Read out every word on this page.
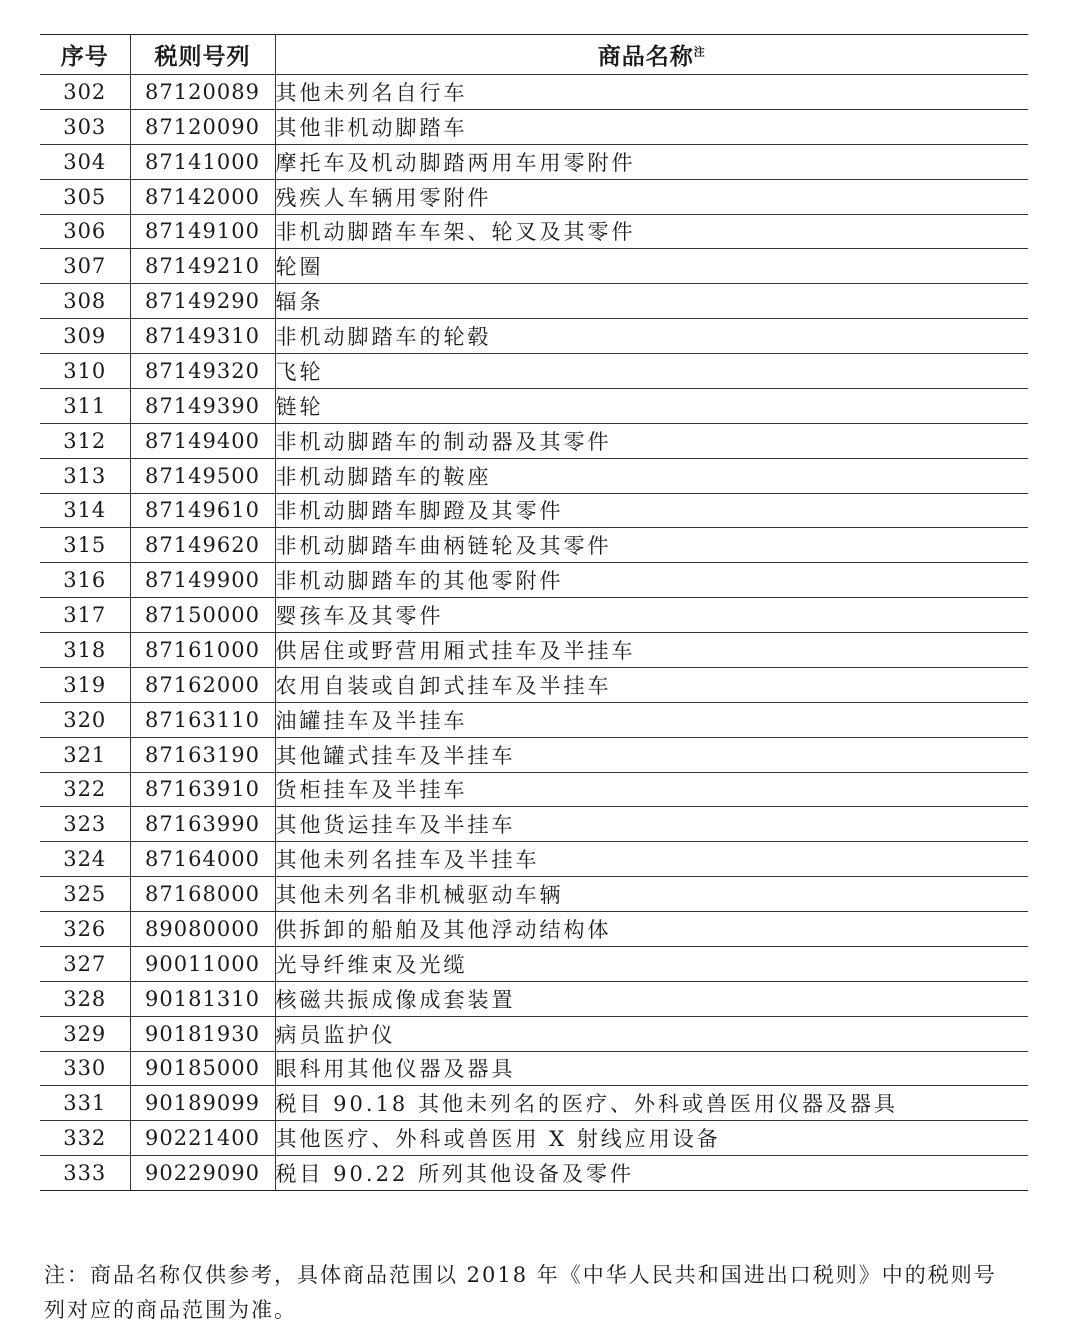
序号	税则号列	商品名称$^注$
302	87120089	其他未列名自行车
303	87120090	其他非机动脚踏车
304	87141000	摩托车及机动脚踏两用车用零附件
305	87142000	残疾人车辆用零附件
306	87149100	非机动脚踏车车架、轮叉及其零件
307	87149210	轮圈
308	87149290	辐条
309	87149310	非机动脚踏车的轮毂
310	87149320	飞轮
311	87149390	链轮
312	87149400	非机动脚踏车的制动器及其零件
313	87149500	非机动脚踏车的鞍座
314	87149610	非机动脚踏车脚蹬及其零件
315	87149620	非机动脚踏车曲柄链轮及其零件
316	87149900	非机动脚踏车的其他零附件
317	87150000	婴孩车及其零件
318	87161000	供居住或野营用厢式挂车及半挂车
319	87162000	农用自装或自卸式挂车及半挂车
320	87163110	油罐挂车及半挂车
321	87163190	其他罐式挂车及半挂车
322	87163910	货柜挂车及半挂车
323	87163990	其他货运挂车及半挂车
324	87164000	其他未列名挂车及半挂车
325	87168000	其他未列名非机械驱动车辆
326	89080000	供拆卸的船舶及其他浮动结构体
327	90011000	光导纤维束及光缆
328	90181310	核磁共振成像成套装置
329	90181930	病员监护仪
330	90185000	眼科用其他仪器及器具
331	90189099	税目 90.18 其他未列名的医疗、外科或兽医用仪器及器具
332	90221400	其他医疗、外科或兽医用 X 射线应用设备
333	90229090	税目 90.22 所列其他设备及零件
注：商品名称仅供参考，具体商品范围以 2018 年《中华人民共和国进出口税则》中的税则号
列对应的商品范围为准。
